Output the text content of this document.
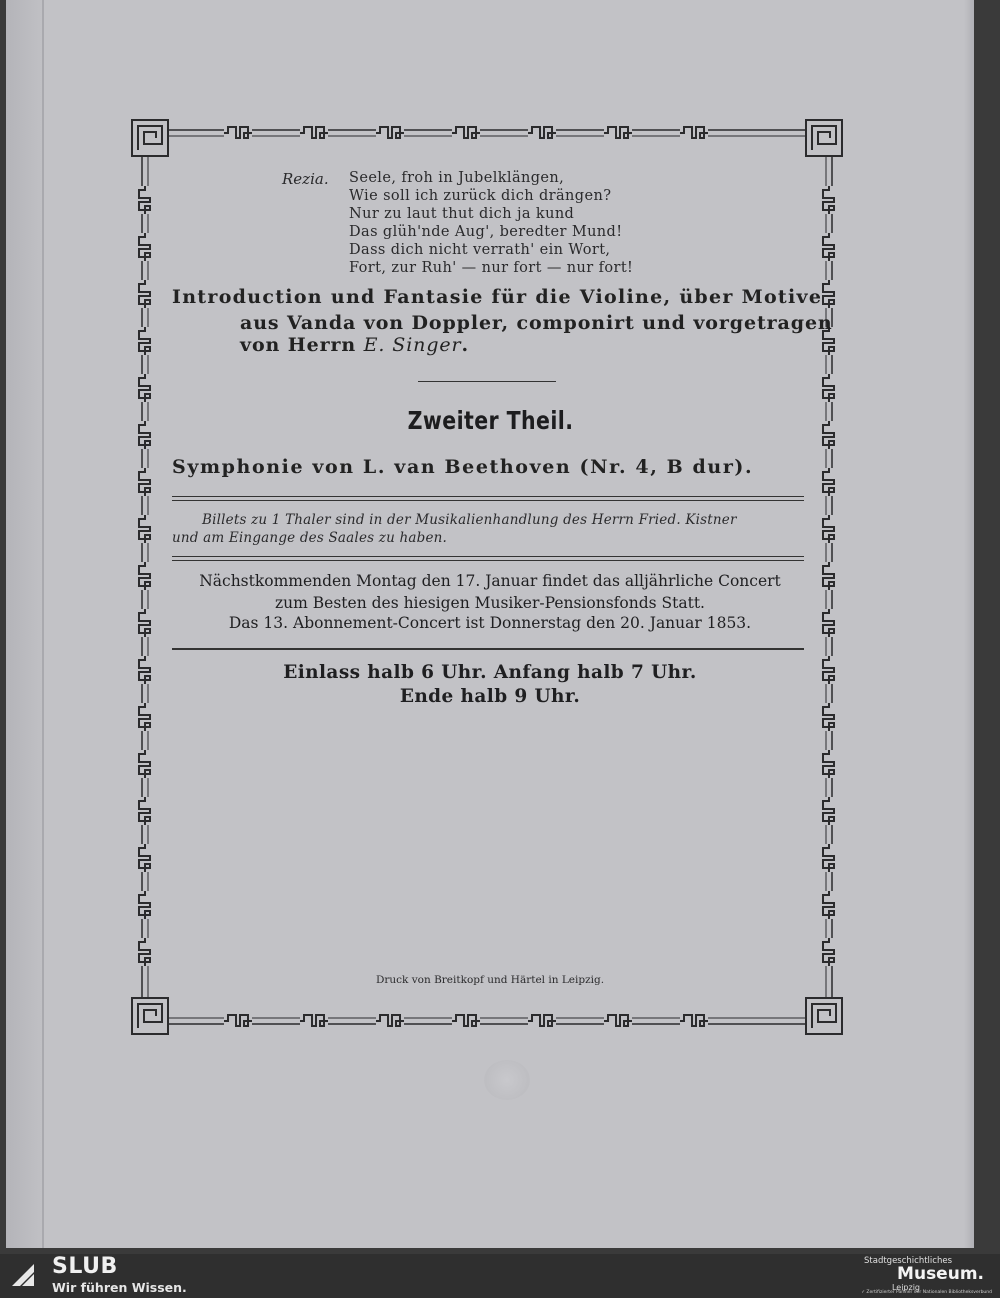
Rezia. Seele, froh in Jubelklängen,
Wie soll ich zurück dich drängen?
Nur zu laut thut dich ja kund
Das glüh'nde Aug', beredter Mund!
Dass dich nicht verrath' ein Wort,
Fort, zur Ruh' — nur fort — nur fort!
Introduction und Fantasie für die Violine, über Motive
aus Vanda von Doppler, componirt und vorgetragen
von Herrn E. Singer.
Zweiter Theil.
Symphonie von L. van Beethoven (Nr. 4, B dur).
Billets zu 1 Thaler sind in der Musikalienhandlung des Herrn Fried. Kistner
und am Eingange des Saales zu haben.
Nächstkommenden Montag den 17. Januar findet das alljährliche Concert
zum Besten des hiesigen Musiker-Pensionsfonds Statt.
Das 13. Abonnement-Concert ist Donnerstag den 20. Januar 1853.
Einlass halb 6 Uhr. Anfang halb 7 Uhr.
Ende halb 9 Uhr.
Druck von Breitkopf und Härtel in Leipzig.
SLUB
Wir führen Wissen.
Stadtgeschichtliches
Museum.
Leipzig
✓ Zertifizierter Partner der Nationalen Bibliotheksverbund
